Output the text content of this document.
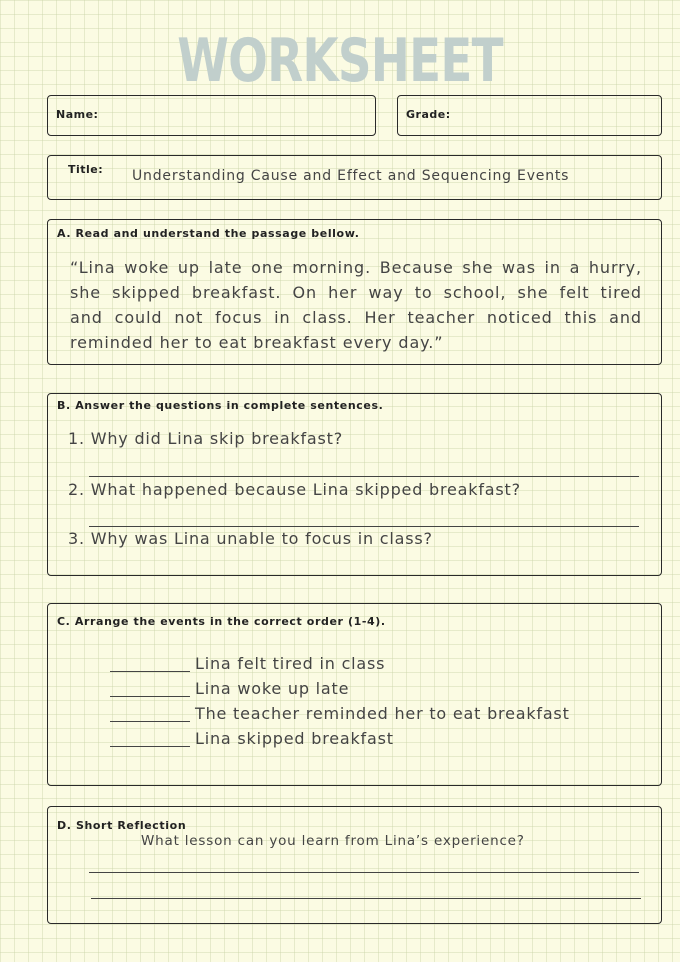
WORKSHEET
Name:	Grade:
Title: Understanding Cause and Effect and Sequencing Events
A. Read and understand the passage bellow.
“Lina woke up late one morning. Because she was in a hurry,
she skipped breakfast. On her way to school, she felt tired
and could not focus in class. Her teacher noticed this and
reminded her to eat breakfast every day.”
B. Answer the questions in complete sentences.
1. Why did Lina skip breakfast?
2. What happened because Lina skipped breakfast?
3. Why was Lina unable to focus in class?
C. Arrange the events in the correct order (1-4).
Lina felt tired in class
Lina woke up late
The teacher reminded her to eat breakfast
Lina skipped breakfast
D. Short Reflection
What lesson can you learn from Lina’s experience?
